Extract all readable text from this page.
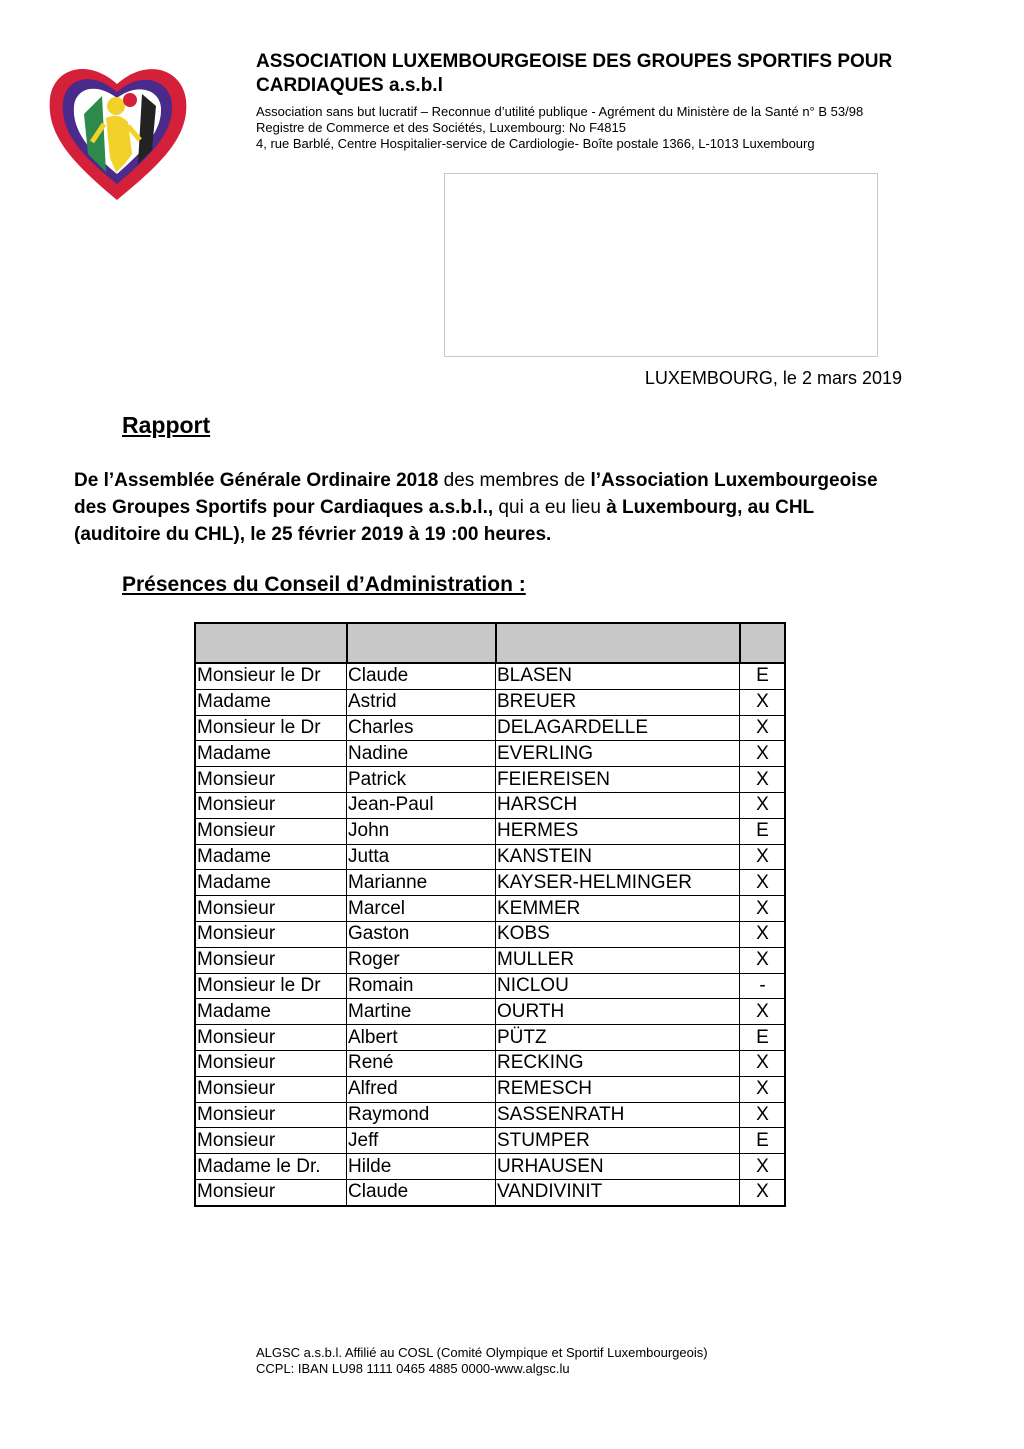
ASSOCIATION LUXEMBOURGEOISE DES GROUPES SPORTIFS POUR
CARDIAQUES a.s.b.l
Association sans but lucratif – Reconnue d’utilité publique - Agrément du Ministère de la Santé n° B 53/98
Registre de Commerce et des Sociétés, Luxembourg: No F4815
4, rue Barblé, Centre Hospitalier-service de Cardiologie- Boîte postale 1366, L-1013 Luxembourg
LUXEMBOURG, le 2 mars 2019
Rapport

De l’Assemblée Générale Ordinaire 2018 des membres de l’Association Luxembourgeoise des Groupes Sportifs pour Cardiaques a.s.b.l., qui a eu lieu à Luxembourg, au CHL (auditoire du CHL), le 25 février 2019 à 19 :00 heures.

Présences du Conseil d’Administration :

Monsieur le Dr	Claude	BLASEN	E
Madame	Astrid	BREUER	X
Monsieur le Dr	Charles	DELAGARDELLE	X
Madame	Nadine	EVERLING	X
Monsieur	Patrick	FEIEREISEN	X
Monsieur	Jean-Paul	HARSCH	X
Monsieur	John	HERMES	E
Madame	Jutta	KANSTEIN	X
Madame	Marianne	KAYSER-HELMINGER	X
Monsieur	Marcel	KEMMER	X
Monsieur	Gaston	KOBS	X
Monsieur	Roger	MULLER	X
Monsieur le Dr	Romain	NICLOU	-
Madame	Martine	OURTH	X
Monsieur	Albert	PÜTZ	E
Monsieur	René	RECKING	X
Monsieur	Alfred	REMESCH	X
Monsieur	Raymond	SASSENRATH	X
Monsieur	Jeff	STUMPER	E
Madame le Dr.	Hilde	URHAUSEN	X
Monsieur	Claude	VANDIVINIT	X
ALGSC a.s.b.l. Affilié au COSL (Comité Olympique et Sportif Luxembourgeois)
CCPL: IBAN LU98 1111 0465 4885 0000-www.algsc.lu
